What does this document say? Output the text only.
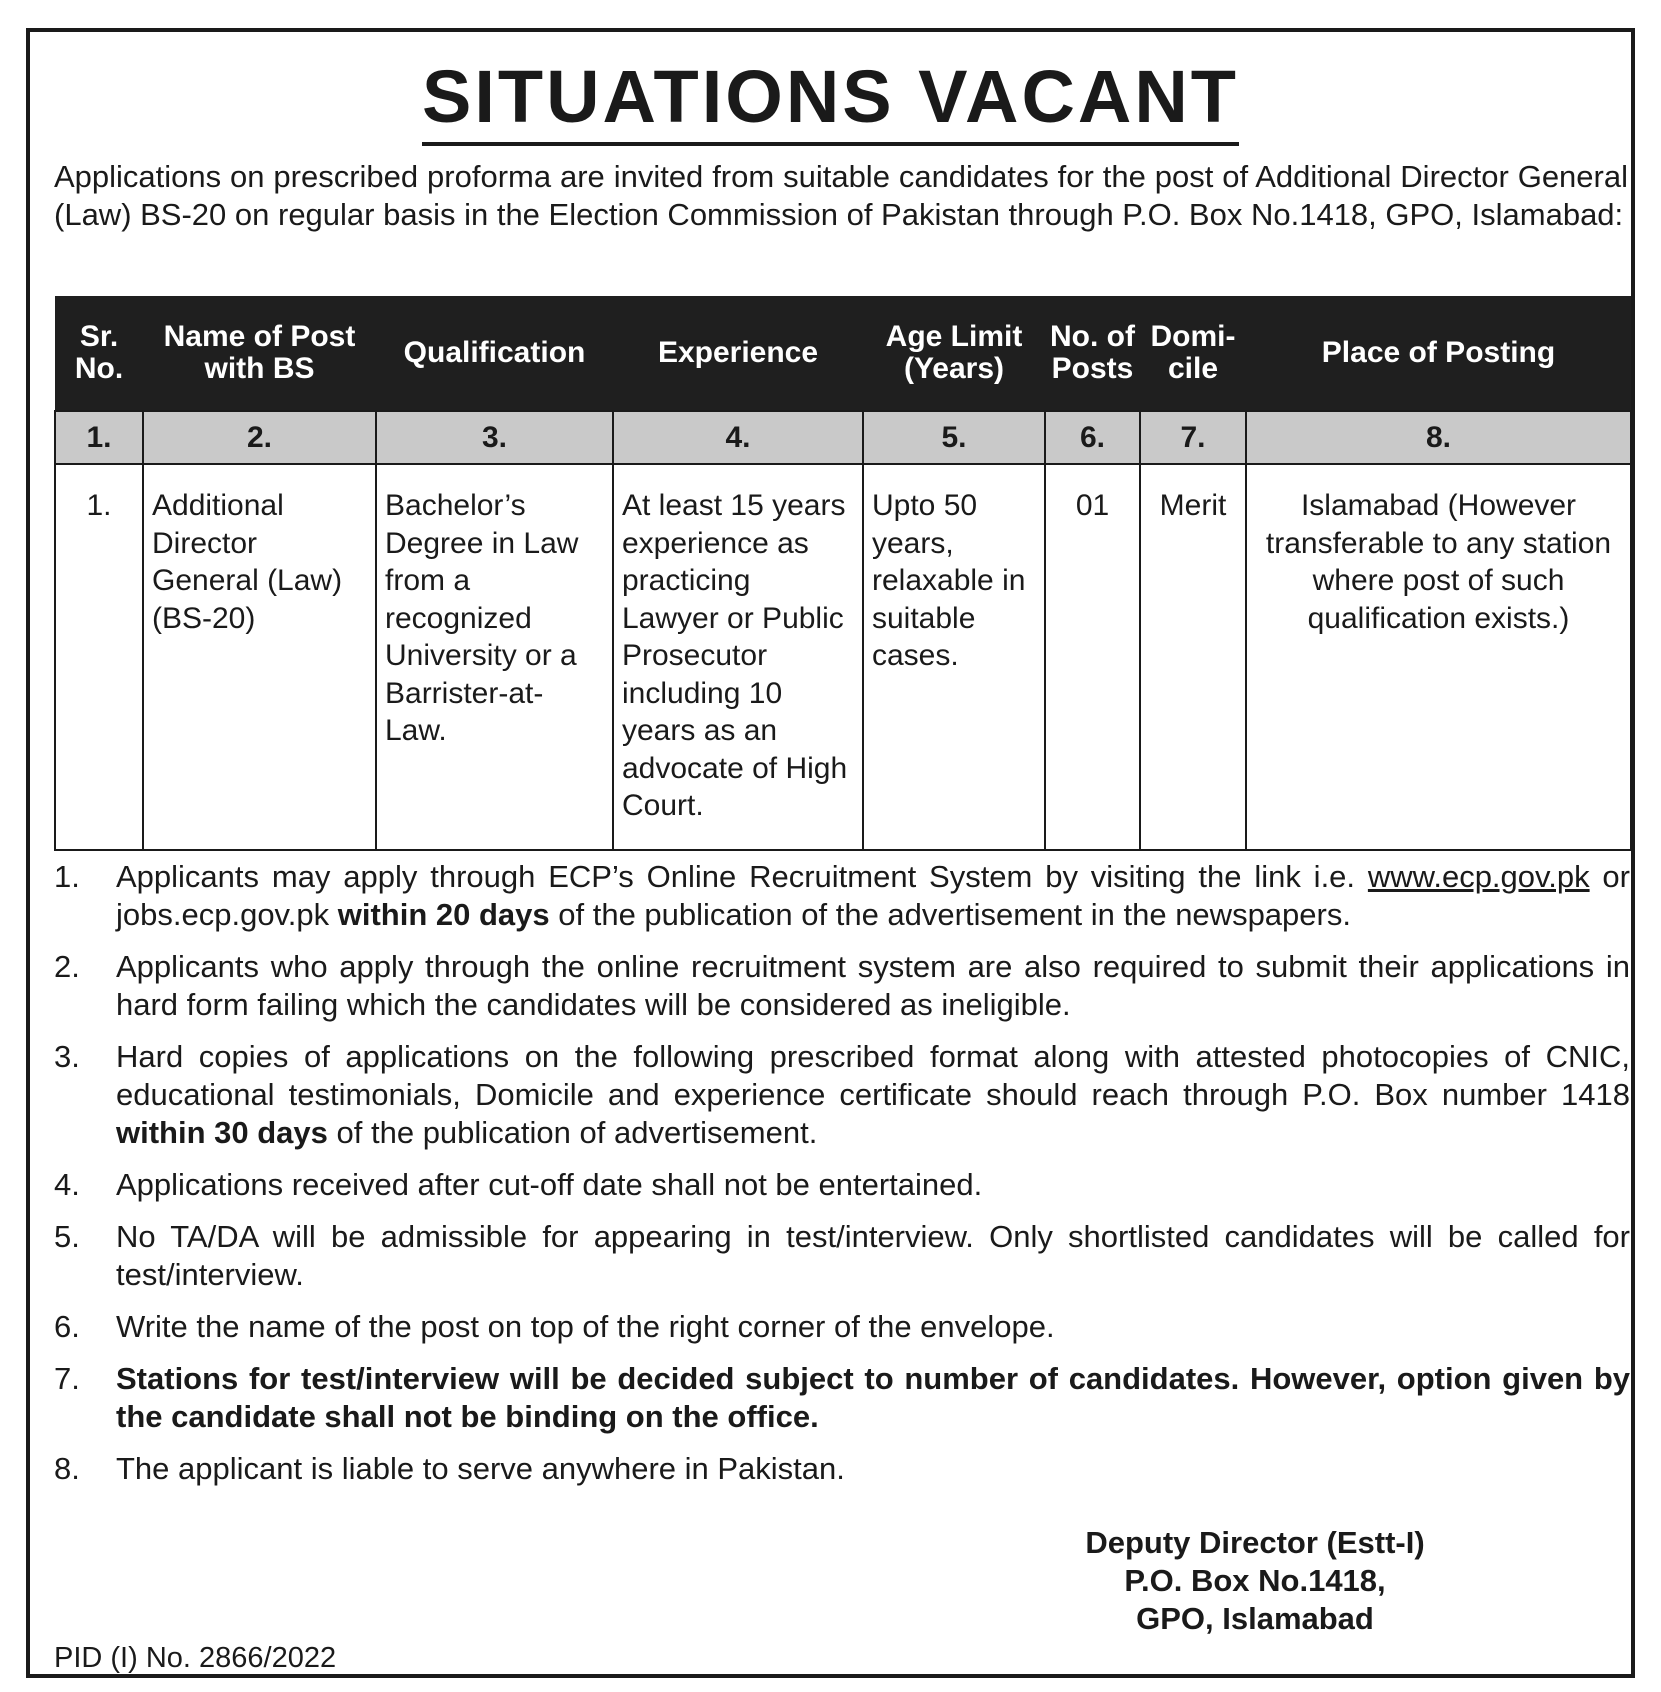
SITUATIONS VACANT
Applications on prescribed proforma are invited from suitable candidates for the post of Additional Director General (Law) BS-20 on regular basis in the Election Commission of Pakistan through P.O. Box No.1418, GPO, Islamabad:
Sr. No.	Name of Post with BS	Qualification	Experience	Age Limit (Years)	No. of Posts	Domi- cile	Place of Posting
1.	2.	3.	4.	5.	6.	7.	8.
1.	Additional Director General (Law) (BS-20)	Bachelor’s Degree in Law from a recognized University or a Barrister-at-Law.	At least 15 years experience as practicing Lawyer or Public Prosecutor including 10 years as an advocate of High Court.	Upto 50 years, relaxable in suitable cases.	01	Merit	Islamabad (However transferable to any station where post of such qualification exists.)
1.	Applicants may apply through ECP’s Online Recruitment System by visiting the link i.e. www.ecp.gov.pk or jobs.ecp.gov.pk within 20 days of the publication of the advertisement in the newspapers.
2.	Applicants who apply through the online recruitment system are also required to submit their applications in hard form failing which the candidates will be considered as ineligible.
3.	Hard copies of applications on the following prescribed format along with attested photocopies of CNIC, educational testimonials, Domicile and experience certificate should reach through P.O. Box number 1418 within 30 days of the publication of advertisement.
4.	Applications received after cut-off date shall not be entertained.
5.	No TA/DA will be admissible for appearing in test/interview. Only shortlisted candidates will be called for test/interview.
6.	Write the name of the post on top of the right corner of the envelope.
7.	Stations for test/interview will be decided subject to number of candidates. However, option given by the candidate shall not be binding on the office.
8.	The applicant is liable to serve anywhere in Pakistan.
Deputy Director (Estt-I)
P.O. Box No.1418,
GPO, Islamabad
PID (I) No. 2866/2022
